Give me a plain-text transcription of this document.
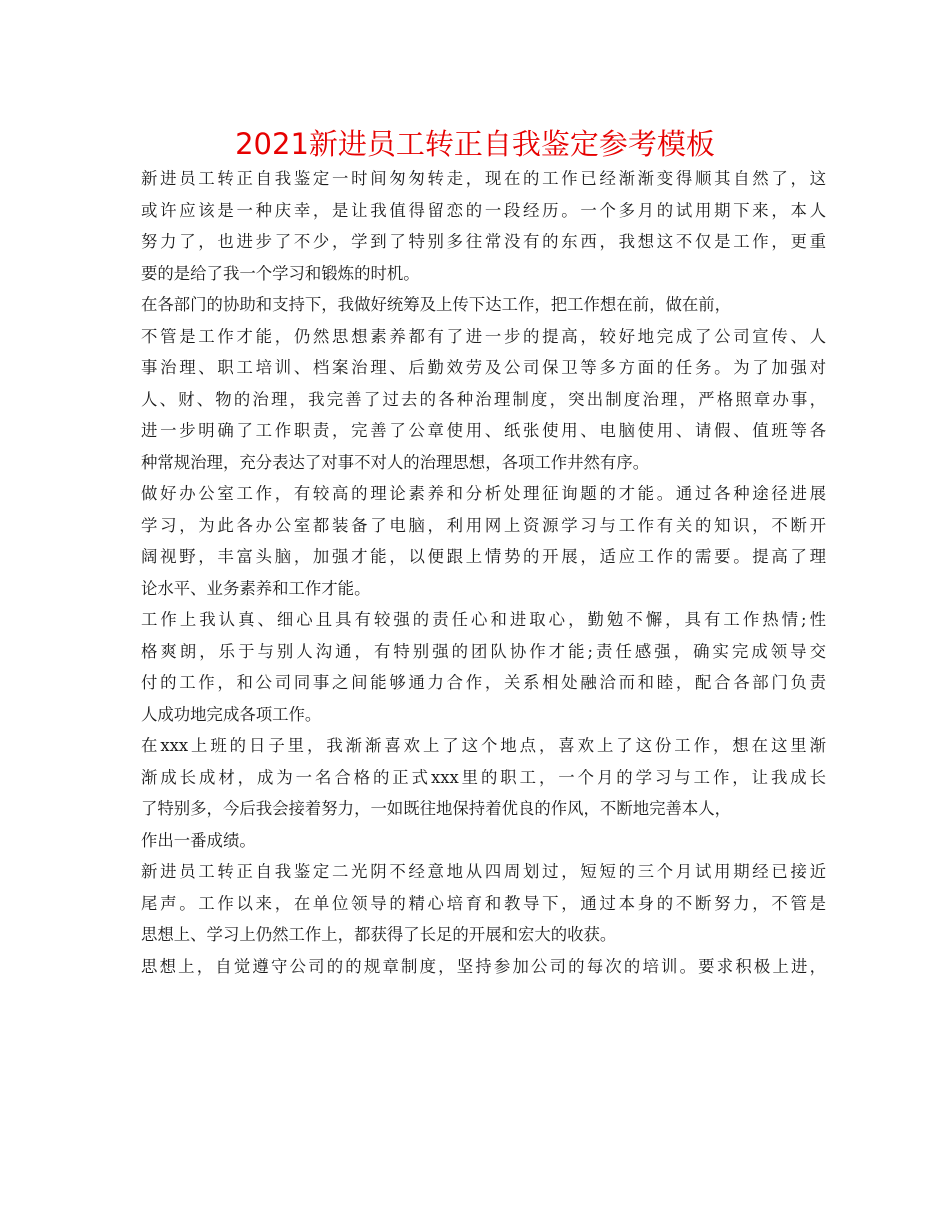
2021新进员工转正自我鉴定参考模板
新进员工转正自我鉴定一时间匆匆转走，现在的工作已经渐渐变得顺其自然了，这
或许应该是一种庆幸，是让我值得留恋的一段经历。一个多月的试用期下来，本人
努力了，也进步了不少，学到了特别多往常没有的东西，我想这不仅是工作，更重
要的是给了我一个学习和锻炼的时机。
在各部门的协助和支持下，我做好统筹及上传下达工作，把工作想在前，做在前，
不管是工作才能，仍然思想素养都有了进一步的提高，较好地完成了公司宣传、人
事治理、职工培训、档案治理、后勤效劳及公司保卫等多方面的任务。为了加强对
人、财、物的治理，我完善了过去的各种治理制度，突出制度治理，严格照章办事，
进一步明确了工作职责，完善了公章使用、纸张使用、电脑使用、请假、值班等各
种常规治理，充分表达了对事不对人的治理思想，各项工作井然有序。
做好办公室工作，有较高的理论素养和分析处理征询题的才能。通过各种途径进展
学习，为此各办公室都装备了电脑，利用网上资源学习与工作有关的知识，不断开
阔视野，丰富头脑，加强才能，以便跟上情势的开展，适应工作的需要。提高了理
论水平、业务素养和工作才能。
工作上我认真、细心且具有较强的责任心和进取心，勤勉不懈，具有工作热情;性
格爽朗，乐于与别人沟通，有特别强的团队协作才能;责任感强，确实完成领导交
付的工作，和公司同事之间能够通力合作，关系相处融洽而和睦，配合各部门负责
人成功地完成各项工作。
在xxx上班的日子里，我渐渐喜欢上了这个地点，喜欢上了这份工作，想在这里渐
渐成长成材，成为一名合格的正式xxx里的职工，一个月的学习与工作，让我成长
了特别多，今后我会接着努力，一如既往地保持着优良的作风，不断地完善本人，
作出一番成绩。
新进员工转正自我鉴定二光阴不经意地从四周划过，短短的三个月试用期经已接近
尾声。工作以来，在单位领导的精心培育和教导下，通过本身的不断努力，不管是
思想上、学习上仍然工作上，都获得了长足的开展和宏大的收获。
思想上，自觉遵守公司的的规章制度，坚持参加公司的每次的培训。要求积极上进，
